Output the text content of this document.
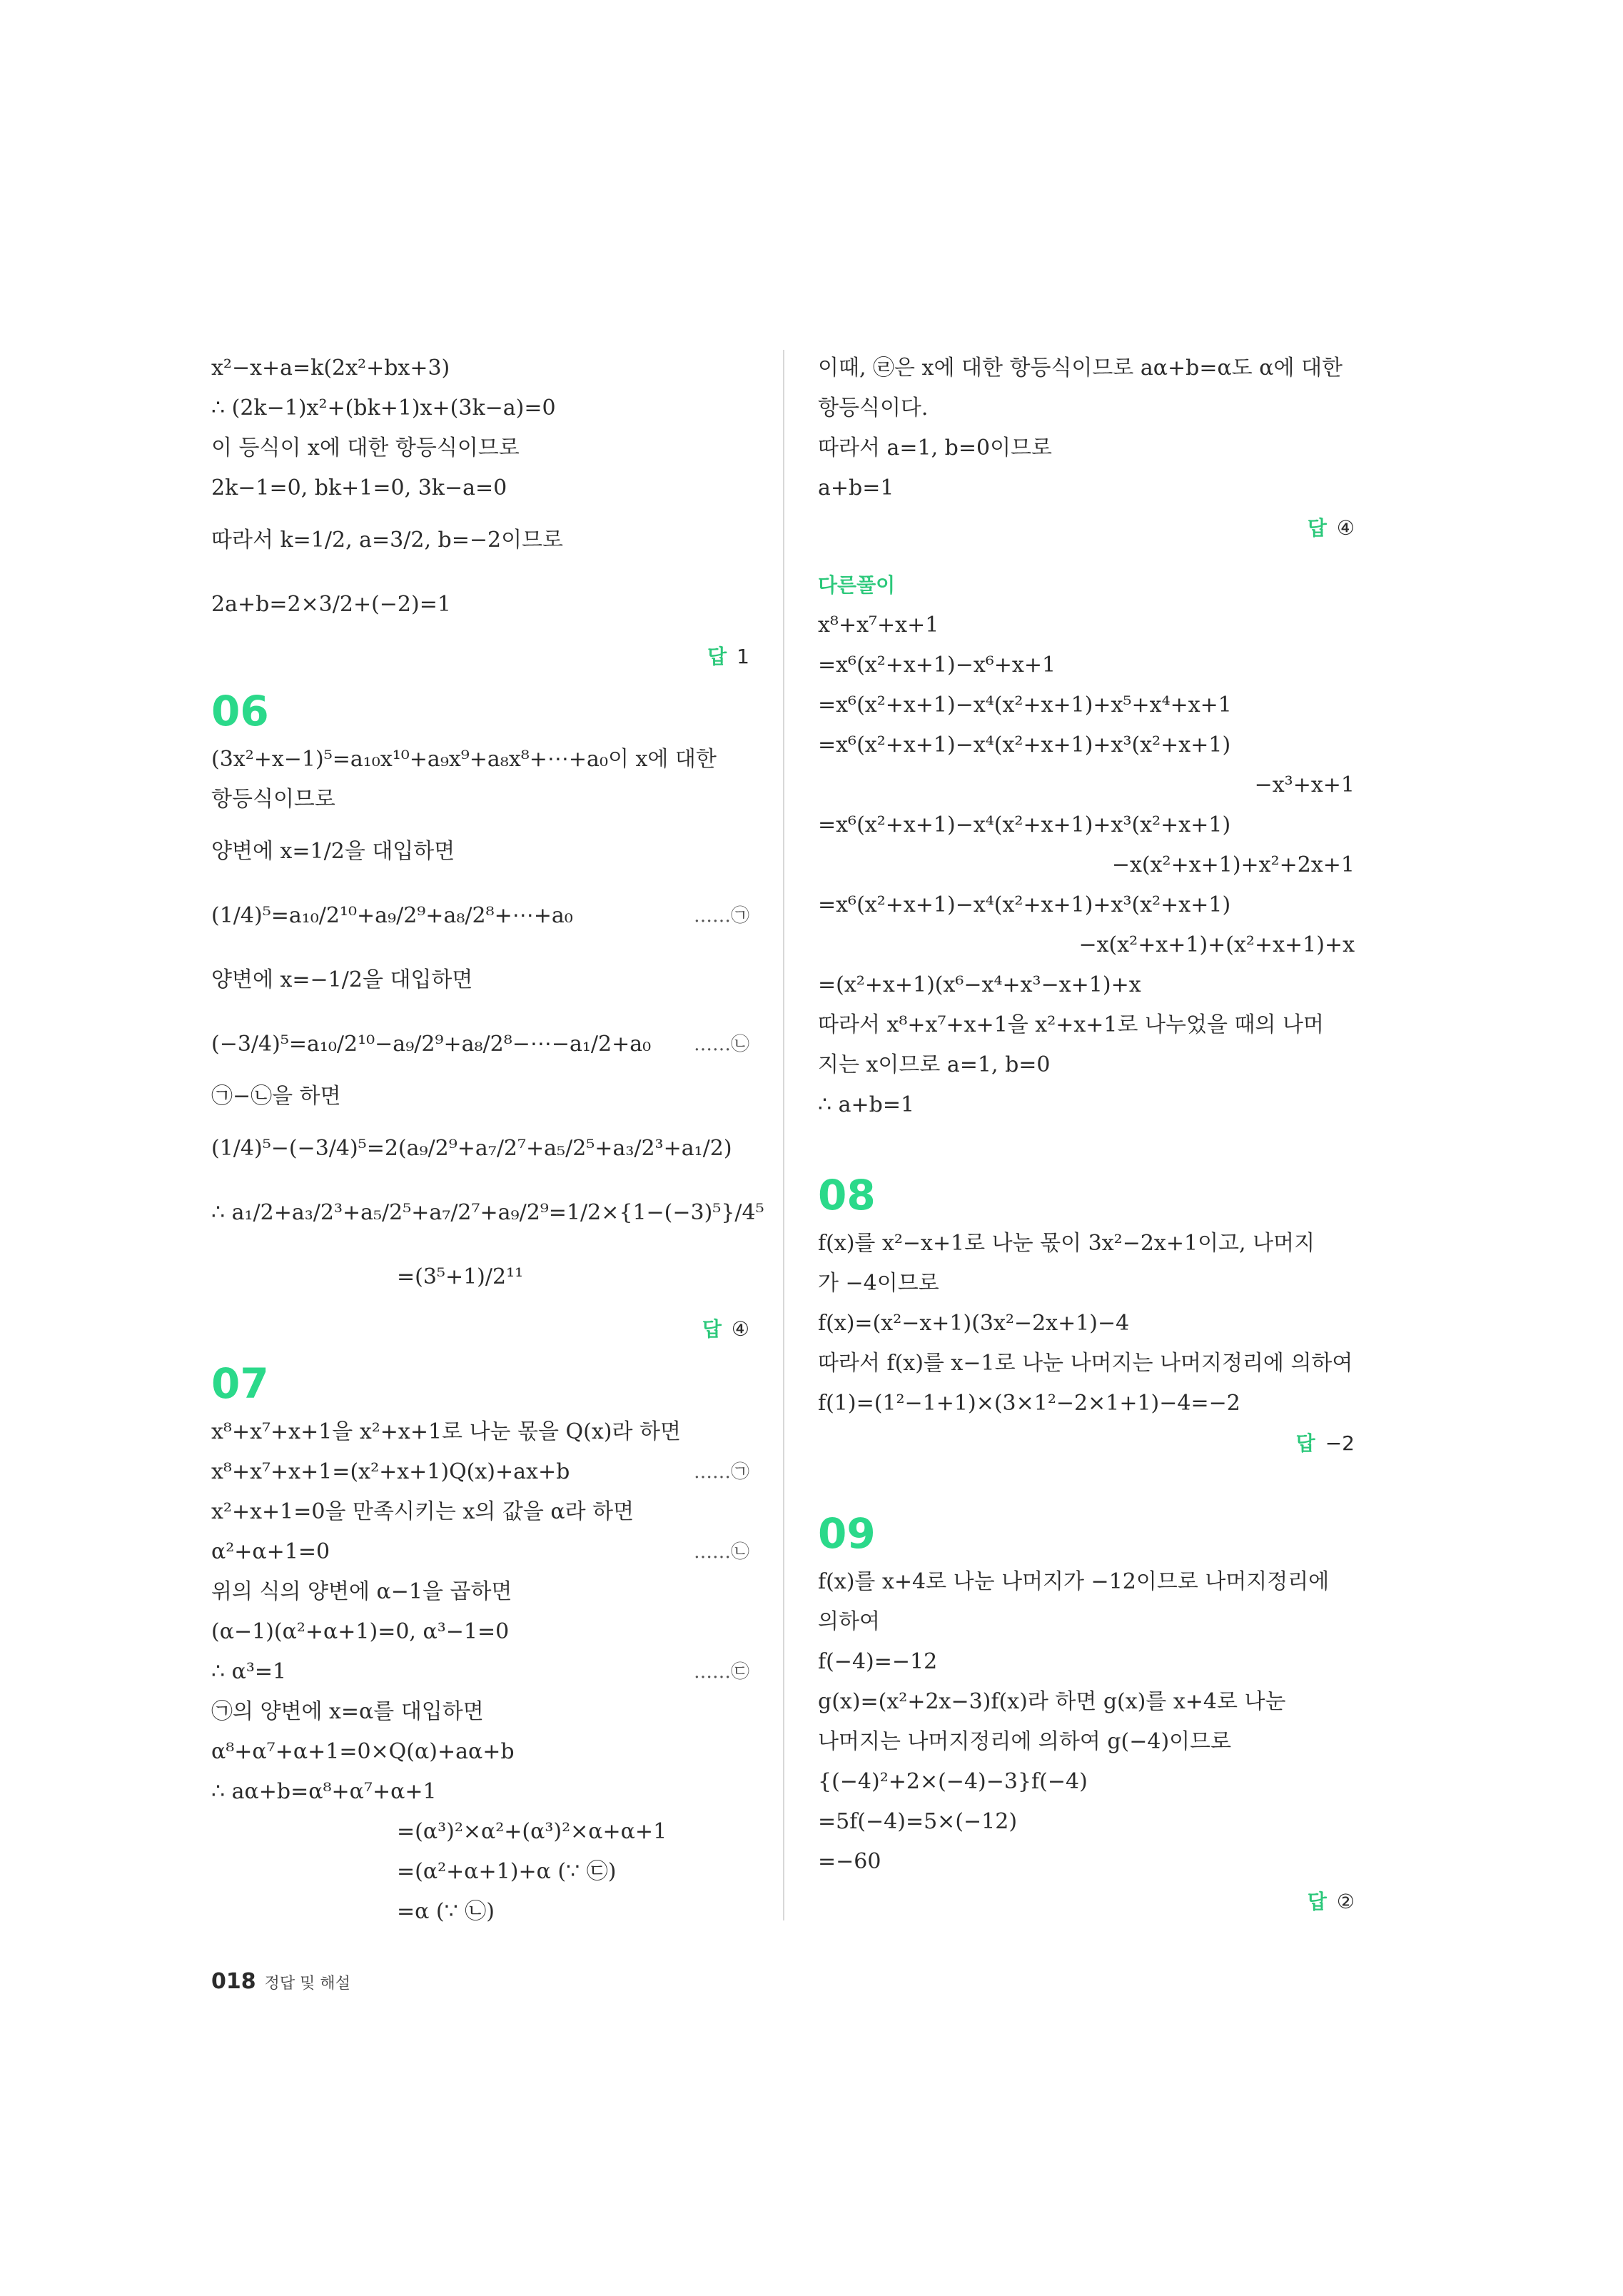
x²−x+a=k(2x²+bx+3)
∴ (2k−1)x²+(bk+1)x+(3k−a)=0
이 등식이 x에 대한 항등식이므로
2k−1=0, bk+1=0, 3k−a=0
따라서 k=1/2, a=3/2, b=−2이므로
2a+b=2×3/2+(−2)=1
답 1
06
(3x²+x−1)⁵=a₁₀x¹⁰+a₉x⁹+a₈x⁸+⋯+a₀이 x에 대한
항등식이므로
양변에 x=1/2을 대입하면
(1/4)⁵=a₁₀/2¹⁰+a₉/2⁹+a₈/2⁸+⋯+a₀	……㉠
양변에 x=−1/2을 대입하면
(−3/4)⁵=a₁₀/2¹⁰−a₉/2⁹+a₈/2⁸−⋯−a₁/2+a₀ ……㉡
㉠−㉡을 하면
(1/4)⁵−(−3/4)⁵=2(a₉/2⁹+a₇/2⁷+a₅/2⁵+a₃/2³+a₁/2)
∴ a₁/2+a₃/2³+a₅/2⁵+a₇/2⁷+a₉/2⁹=1/2×{1−(−3)⁵}/4⁵
=(3⁵+1)/2¹¹
답 ④
07
x⁸+x⁷+x+1을 x²+x+1로 나눈 몫을 Q(x)라 하면
x⁸+x⁷+x+1=(x²+x+1)Q(x)+ax+b	……㉠
x²+x+1=0을 만족시키는 x의 값을 α라 하면
α²+α+1=0	……㉡
위의 식의 양변에 α−1을 곱하면
(α−1)(α²+α+1)=0, α³−1=0
∴ α³=1	……㉢
㉠의 양변에 x=α를 대입하면
α⁸+α⁷+α+1=0×Q(α)+aα+b
∴ aα+b=α⁸+α⁷+α+1
=(α³)²×α²+(α³)²×α+α+1
=(α²+α+1)+α (∵ ㉢)
=α (∵ ㉡)
이때, ㉣은 x에 대한 항등식이므로 aα+b=α도 α에 대한
항등식이다.
따라서 a=1, b=0이므로
a+b=1
답 ④
다른풀이
x⁸+x⁷+x+1
=x⁶(x²+x+1)−x⁶+x+1
=x⁶(x²+x+1)−x⁴(x²+x+1)+x⁵+x⁴+x+1
=x⁶(x²+x+1)−x⁴(x²+x+1)+x³(x²+x+1)
−x³+x+1
=x⁶(x²+x+1)−x⁴(x²+x+1)+x³(x²+x+1)
−x(x²+x+1)+x²+2x+1
=x⁶(x²+x+1)−x⁴(x²+x+1)+x³(x²+x+1)
−x(x²+x+1)+(x²+x+1)+x
=(x²+x+1)(x⁶−x⁴+x³−x+1)+x
따라서 x⁸+x⁷+x+1을 x²+x+1로 나누었을 때의 나머
지는 x이므로 a=1, b=0
∴ a+b=1
08
f(x)를 x²−x+1로 나눈 몫이 3x²−2x+1이고, 나머지
가 −4이므로
f(x)=(x²−x+1)(3x²−2x+1)−4
따라서 f(x)를 x−1로 나눈 나머지는 나머지정리에 의하여
f(1)=(1²−1+1)×(3×1²−2×1+1)−4=−2
답 −2
09
f(x)를 x+4로 나눈 나머지가 −12이므로 나머지정리에
의하여
f(−4)=−12
g(x)=(x²+2x−3)f(x)라 하면 g(x)를 x+4로 나눈
나머지는 나머지정리에 의하여 g(−4)이므로
{(−4)²+2×(−4)−3}f(−4)
=5f(−4)=5×(−12)
=−60
답 ②
018 정답 및 해설
